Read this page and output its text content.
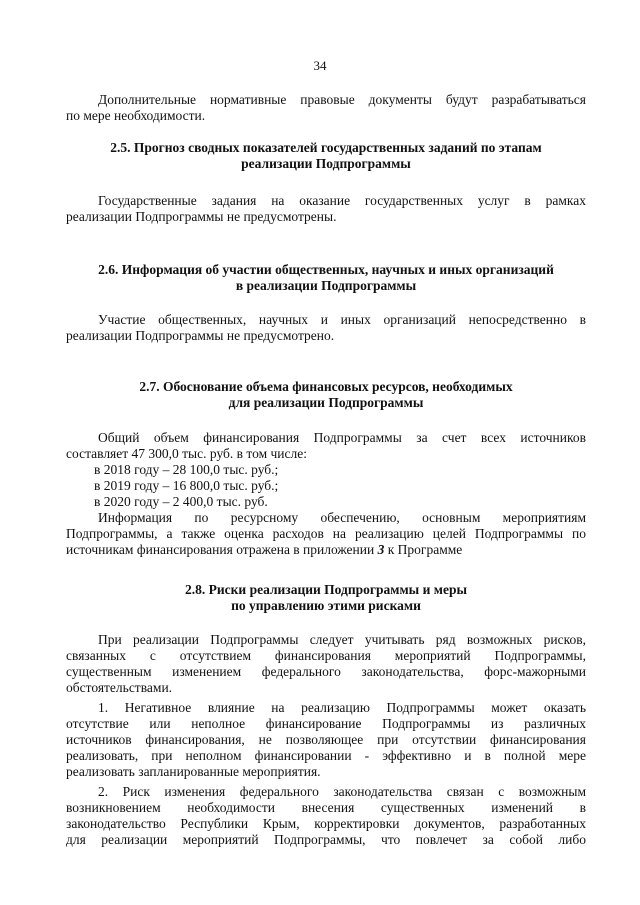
34

Дополнительные нормативные правовые документы будут разрабатываться

по мере необходимости.

2.5. Прогноз сводных показателей государственных заданий по этапам
реализации Подпрограммы

Государственные задания на оказание государственных услуг в рамках

реализации Подпрограммы не предусмотрены.

2.6. Информация об участии общественных, научных и иных организаций
в реализации Подпрограммы

Участие общественных, научных и иных организаций непосредственно в

реализации Подпрограммы не предусмотрено.

2.7. Обоснование объема финансовых ресурсов, необходимых
для реализации Подпрограммы

Общий объем финансирования Подпрограммы за счет всех источников

составляет 47 300,0 тыс. руб. в том числе:

в 2018 году – 28 100,0 тыс. руб.;

в 2019 году – 16 800,0 тыс. руб.;

в 2020 году – 2 400,0 тыс. руб.

Информация по ресурсному обеспечению, основным мероприятиям

Подпрограммы, а также оценка расходов на реализацию целей Подпрограммы по

источникам финансирования отражена в приложении 3 к Программе

2.8. Риски реализации Подпрограммы и меры
по управлению этими рисками

При реализации Подпрограммы следует учитывать ряд возможных рисков,

связанных с отсутствием финансирования мероприятий Подпрограммы,

существенным изменением федерального законодательства, форс-мажорными

обстоятельствами.

1. Негативное влияние на реализацию Подпрограммы может оказать

отсутствие или неполное финансирование Подпрограммы из различных

источников финансирования, не позволяющее при отсутствии финансирования

реализовать, при неполном финансировании - эффективно и в полной мере

реализовать запланированные мероприятия.

2. Риск изменения федерального законодательства связан с возможным

возникновением необходимости внесения существенных изменений в

законодательство Республики Крым, корректировки документов, разработанных

для реализации мероприятий Подпрограммы, что повлечет за собой либо
